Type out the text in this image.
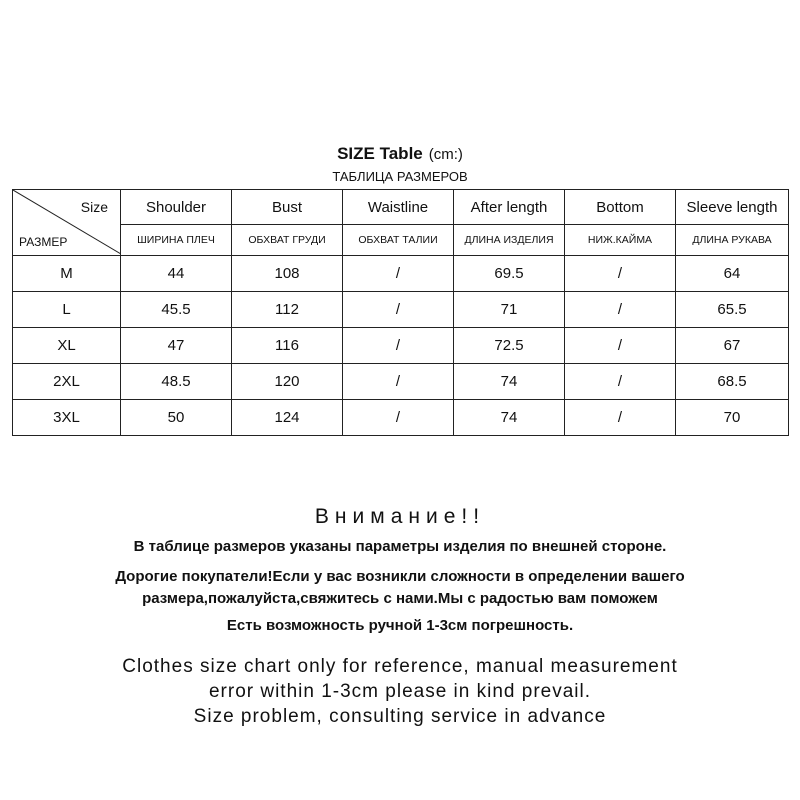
SIZE Table (cm:)
ТАБЛИЦА РАЗМЕРОВ
Size
РАЗМЕР	Shoulder	Bust	Waistline	After length	Bottom	Sleeve length
	ШИРИНА ПЛЕЧ	ОБХВАТ ГРУДИ	ОБХВАТ ТАЛИИ	ДЛИНА ИЗДЕЛИЯ	НИЖ.КАЙМА	ДЛИНА РУКАВА
M	44	108	/	69.5	/	64
L	45.5	112	/	71	/	65.5
XL	47	116	/	72.5	/	67
2XL	48.5	120	/	74	/	68.5
3XL	50	124	/	74	/	70
Внимание!!
В таблице размеров указаны параметры изделия по внешней стороне.
Дорогие покупатели!Если у вас возникли сложности в определении вашего
размера,пожалуйста,свяжитесь с нами.Мы с радостью вам поможем
Есть возможность ручной 1-3см погрешность.
Clothes size chart only for reference, manual measurement
error within 1-3cm please in kind prevail.
Size problem, consulting service in advance
